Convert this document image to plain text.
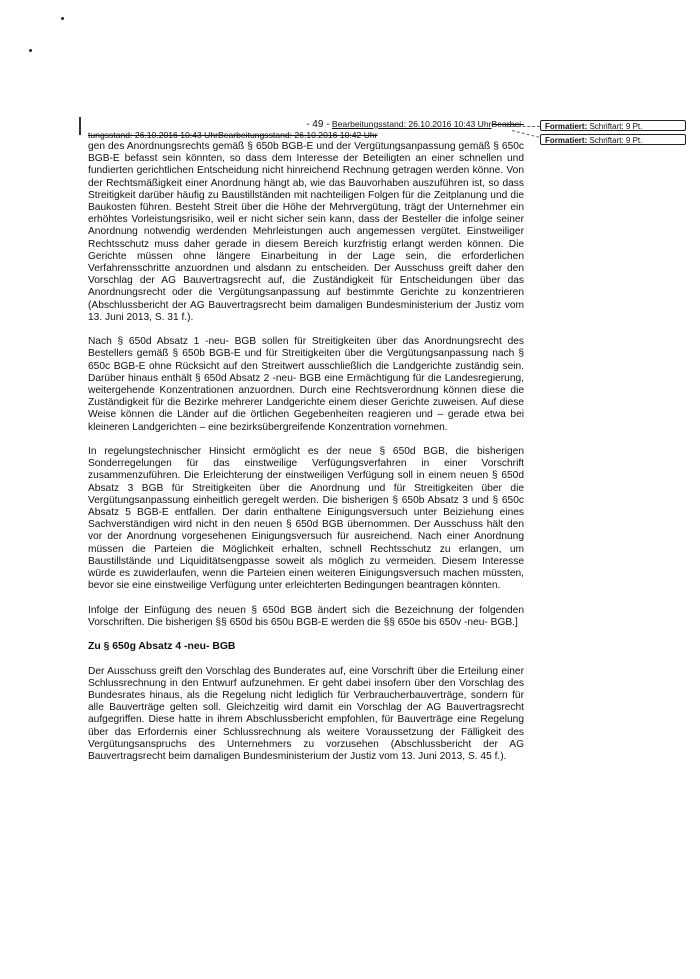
- 49 - Bearbeitungsstand: 26.10.2016 10:43 UhrBearbei-
tungsstand: 26.10.2016 10:43 UhrBearbeitungsstand: 26.10.2016 10:42 Uhr
Formatiert: Schriftart: 9 Pt.
Formatiert: Schriftart: 9 Pt.

gen des Anordnungsrechts gemäß § 650b BGB-E und der Vergütungsanpassung gemäß § 650c BGB-E befasst sein könnten, so dass dem Interesse der Beteiligten an einer schnellen und fundierten gerichtlichen Entscheidung nicht hinreichend Rechnung getragen werden könne. Von der Rechtsmäßigkeit einer Anordnung hängt ab, wie das Bauvorhaben auszuführen ist, so dass Streitigkeit darüber häufig zu Baustillständen mit nachteiligen Folgen für die Zeitplanung und die Baukosten führen. Besteht Streit über die Höhe der Mehrvergütung, trägt der Unternehmer ein erhöhtes Vorleistungsrisiko, weil er nicht sicher sein kann, dass der Besteller die infolge seiner Anordnung notwendig werdenden Mehrleistungen auch angemessen vergütet. Einstweiliger Rechtsschutz muss daher gerade in diesem Bereich kurzfristig erlangt werden können. Die Gerichte müssen ohne längere Einarbeitung in der Lage sein, die erforderlichen Verfahrensschritte anzuordnen und alsdann zu entscheiden. Der Ausschuss greift daher den Vorschlag der AG Bauvertragsrecht auf, die Zuständigkeit für Entscheidungen über das Anordnungsrecht oder die Vergütungsanpassung auf bestimmte Gerichte zu konzentrieren (Abschlussbericht der AG Bauvertragsrecht beim damaligen Bundesministerium der Justiz vom 13. Juni 2013, S. 31 f.).

Nach § 650d Absatz 1 -neu- BGB sollen für Streitigkeiten über das Anordnungsrecht des Bestellers gemäß § 650b BGB-E und für Streitigkeiten über die Vergütungsanpassung nach § 650c BGB-E ohne Rücksicht auf den Streitwert ausschließlich die Landgerichte zuständig sein. Darüber hinaus enthält § 650d Absatz 2 -neu- BGB eine Ermächtigung für die Landesregierung, weitergehende Konzentrationen anzuordnen. Durch eine Rechtsverordnung können diese die Zuständigkeit für die Bezirke mehrerer Landgerichte einem dieser Gerichte zuweisen. Auf diese Weise können die Länder auf die örtlichen Gegebenheiten reagieren und – gerade etwa bei kleineren Landgerichten – eine bezirksübergreifende Konzentration vornehmen.

In regelungstechnischer Hinsicht ermöglicht es der neue § 650d BGB, die bisherigen Sonderregelungen für das einstweilige Verfügungsverfahren in einer Vorschrift zusammenzuführen. Die Erleichterung der einstweiligen Verfügung soll in einem neuen § 650d Absatz 3 BGB für Streitigkeiten über die Anordnung und für Streitigkeiten über die Vergütungsanpassung einheitlich geregelt werden. Die bisherigen § 650b Absatz 3 und § 650c Absatz 5 BGB-E entfallen. Der darin enthaltene Einigungsversuch unter Beiziehung eines Sachverständigen wird nicht in den neuen § 650d BGB übernommen. Der Ausschuss hält den vor der Anordnung vorgesehenen Einigungsversuch für ausreichend. Nach einer Anordnung müssen die Parteien die Möglichkeit erhalten, schnell Rechtsschutz zu erlangen, um Baustillstände und Liquiditätsengpasse soweit als möglich zu vermeiden. Diesem Interesse würde es zuwiderlaufen, wenn die Parteien einen weiteren Einigungsversuch machen müssten, bevor sie eine einstweilige Verfügung unter erleichterten Bedingungen beantragen könnten.

Infolge der Einfügung des neuen § 650d BGB ändert sich die Bezeichnung der folgenden Vorschriften. Die bisherigen §§ 650d bis 650u BGB-E werden die §§ 650e bis 650v -neu- BGB.]

Zu § 650g Absatz 4 -neu- BGB

Der Ausschuss greift den Vorschlag des Bunderates auf, eine Vorschrift über die Erteilung einer Schlussrechnung in den Entwurf aufzunehmen. Er geht dabei insofern über den Vorschlag des Bundesrates hinaus, als die Regelung nicht lediglich für Verbraucherbauverträge, sondern für alle Bauverträge gelten soll. Gleichzeitig wird damit ein Vorschlag der AG Bauvertragsrecht aufgegriffen. Diese hatte in ihrem Abschlussbericht empfohlen, für Bauverträge eine Regelung über das Erfordernis einer Schlussrechnung als weitere Voraussetzung der Fälligkeit des Vergütungsanspruchs des Unternehmers zu vorzusehen (Abschlussbericht der AG Bauvertragsrecht beim damaligen Bundesministerium der Justiz vom 13. Juni 2013, S. 45 f.).
